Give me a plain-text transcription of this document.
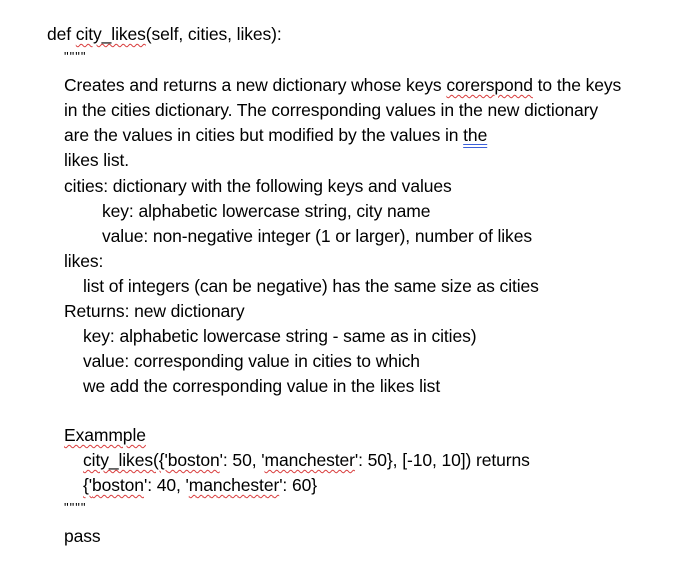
def city_likes(self, cities, likes):
""""
Creates and returns a new dictionary whose keys corerspond to the keys
in the cities dictionary. The corresponding values in the new dictionary
are the values in cities but modified by the values in the
likes list.
cities: dictionary with the following keys and values
key: alphabetic lowercase string, city name
value: non-negative integer (1 or larger), number of likes
likes:
list of integers (can be negative) has the same size as cities
Returns: new dictionary
key: alphabetic lowercase string - same as in cities)
value: corresponding value in cities to which
we add the corresponding value in the likes list
Exammple
city_likes({'boston': 50, 'manchester': 50}, [-10, 10]) returns
{'boston': 40, 'manchester': 60}
""""
pass
